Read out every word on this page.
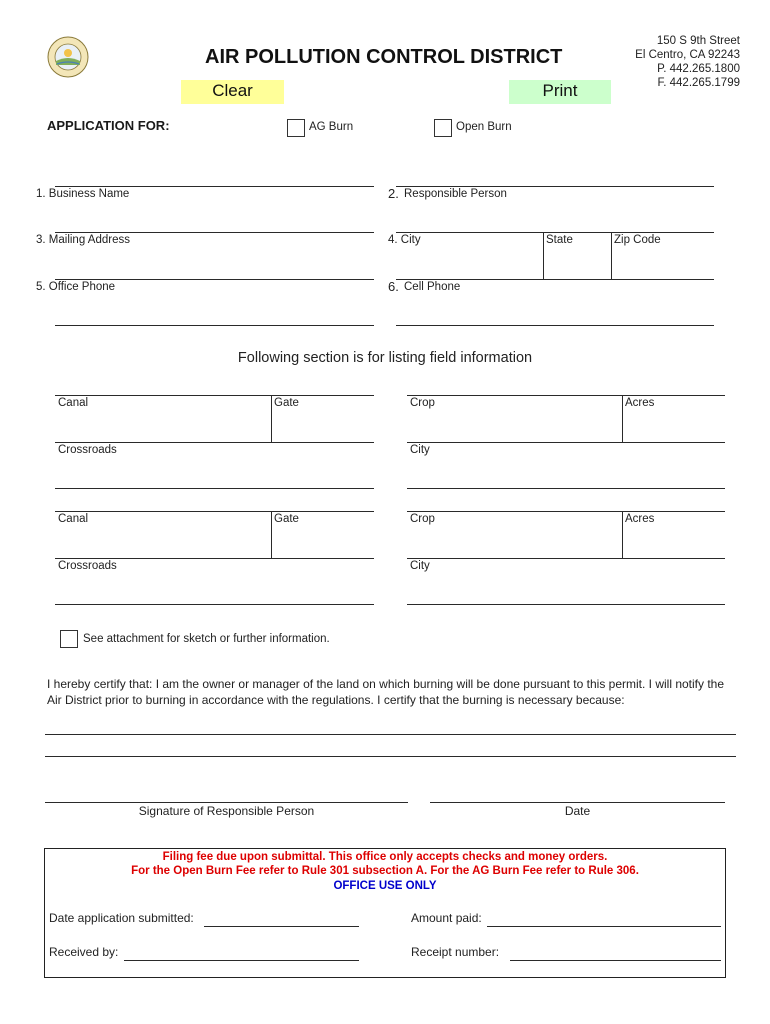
AIR POLLUTION CONTROL DISTRICT
150 S 9th Street
El Centro, CA 92243
P. 442.265.1800
F. 442.265.1799
Clear	Print
APPLICATION FOR:	AG Burn	Open Burn
1. Business Name	2. Responsible Person
3. Mailing Address	4. City	State	Zip Code
5. Office Phone	6. Cell Phone
Following section is for listing field information
Canal	Gate	Crop	Acres
Crossroads	City
Canal	Gate	Crop	Acres
Crossroads	City
See attachment for sketch or further information.
I hereby certify that: I am the owner or manager of the land on which burning will be done pursuant to this permit. I will notify the Air District prior to burning in accordance with the regulations. I certify that the burning is necessary because:
Signature of Responsible Person	Date
Filing fee due upon submittal. This office only accepts checks and money orders.
For the Open Burn Fee refer to Rule 301 subsection A. For the AG Burn Fee refer to Rule 306.
OFFICE USE ONLY
Date application submitted:	Amount paid:
Received by:	Receipt number:
